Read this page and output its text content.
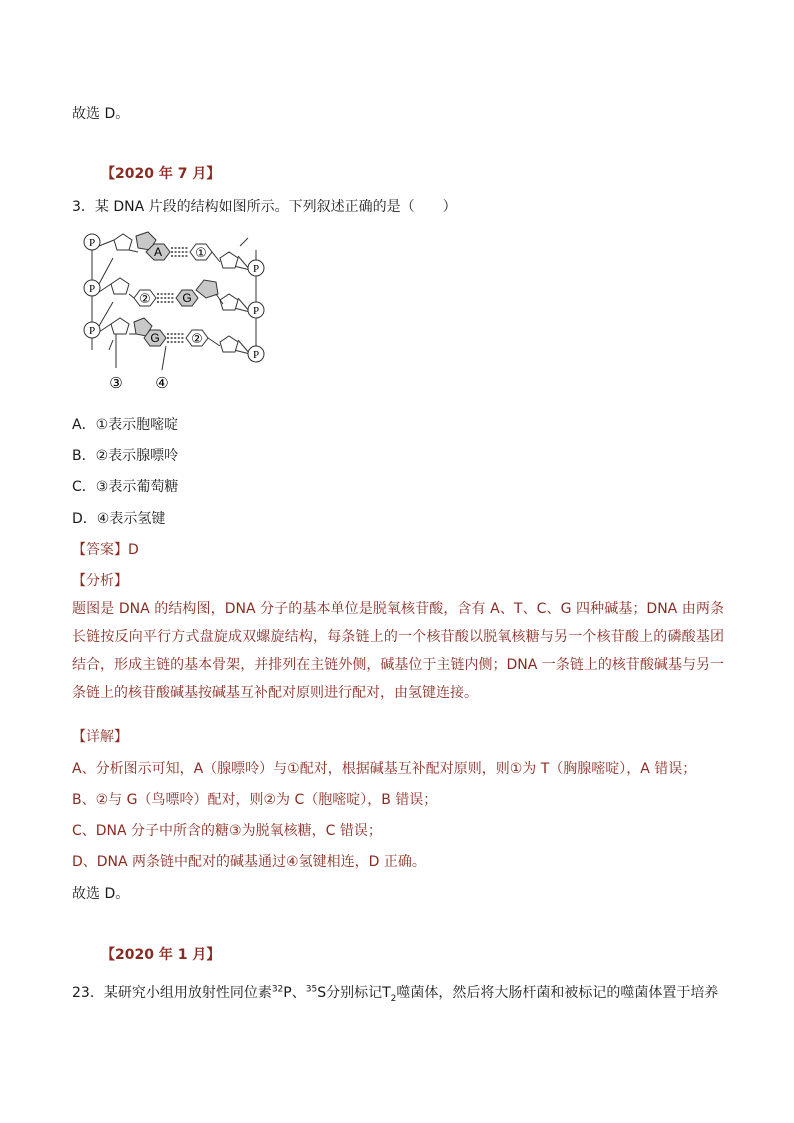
故选 D。
【2020 年 7 月】
3．某 DNA 片段的结构如图所示。下列叙述正确的是（　　）
P
P
P
P
P
P
A	①
②	G
G ②
③ ④
A．①表示胞嘧啶
B．②表示腺嘌呤
C．③表示葡萄糖
D．④表示氢键
【答案】D
【分析】
题图是 DNA 的结构图，DNA 分子的基本单位是脱氧核苷酸，含有 A、T、C、G 四种碱基；DNA 由两条长链按反向平行方式盘旋成双螺旋结构，每条链上的一个核苷酸以脱氧核糖与另一个核苷酸上的磷酸基团结合，形成主链的基本骨架，并排列在主链外侧，碱基位于主链内侧；DNA 一条链上的核苷酸碱基与另一条链上的核苷酸碱基按碱基互补配对原则进行配对，由氢键连接。
【详解】
A、分析图示可知，A（腺嘌呤）与①配对，根据碱基互补配对原则，则①为 T（胸腺嘧啶），A 错误；
B、②与 G（鸟嘌呤）配对，则②为 C（胞嘧啶），B 错误；
C、DNA 分子中所含的糖③为脱氧核糖，C 错误；
D、DNA 两条链中配对的碱基通过④氢键相连，D 正确。
故选 D。
【2020 年 1 月】
23．某研究小组用放射性同位素$^{32}$P、$^{35}$S分别标记$T_2$噬菌体，然后将大肠杆菌和被标记的噬菌体置于培养
